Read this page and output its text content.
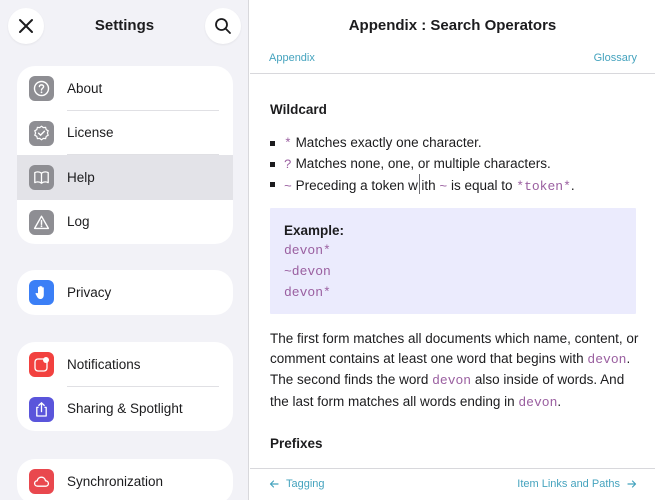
Settings
About
License
Help
Log
Privacy
Notifications
Sharing & Spotlight
Synchronization
Appendix : Search Operators
Appendix	Glossary
Wildcard
* Matches exactly one character.
? Matches none, one, or multiple characters.
~ Preceding a token w ith ~ is equal to *token*.
Example:
devon*
~devon
devon*
The first form matches all documents which name, content, or comment contains at least one word that begins with devon. The second finds the word devon also inside of words. And the last form matches all words ending in devon.
Prefixes
Tagging	Item Links and Paths
